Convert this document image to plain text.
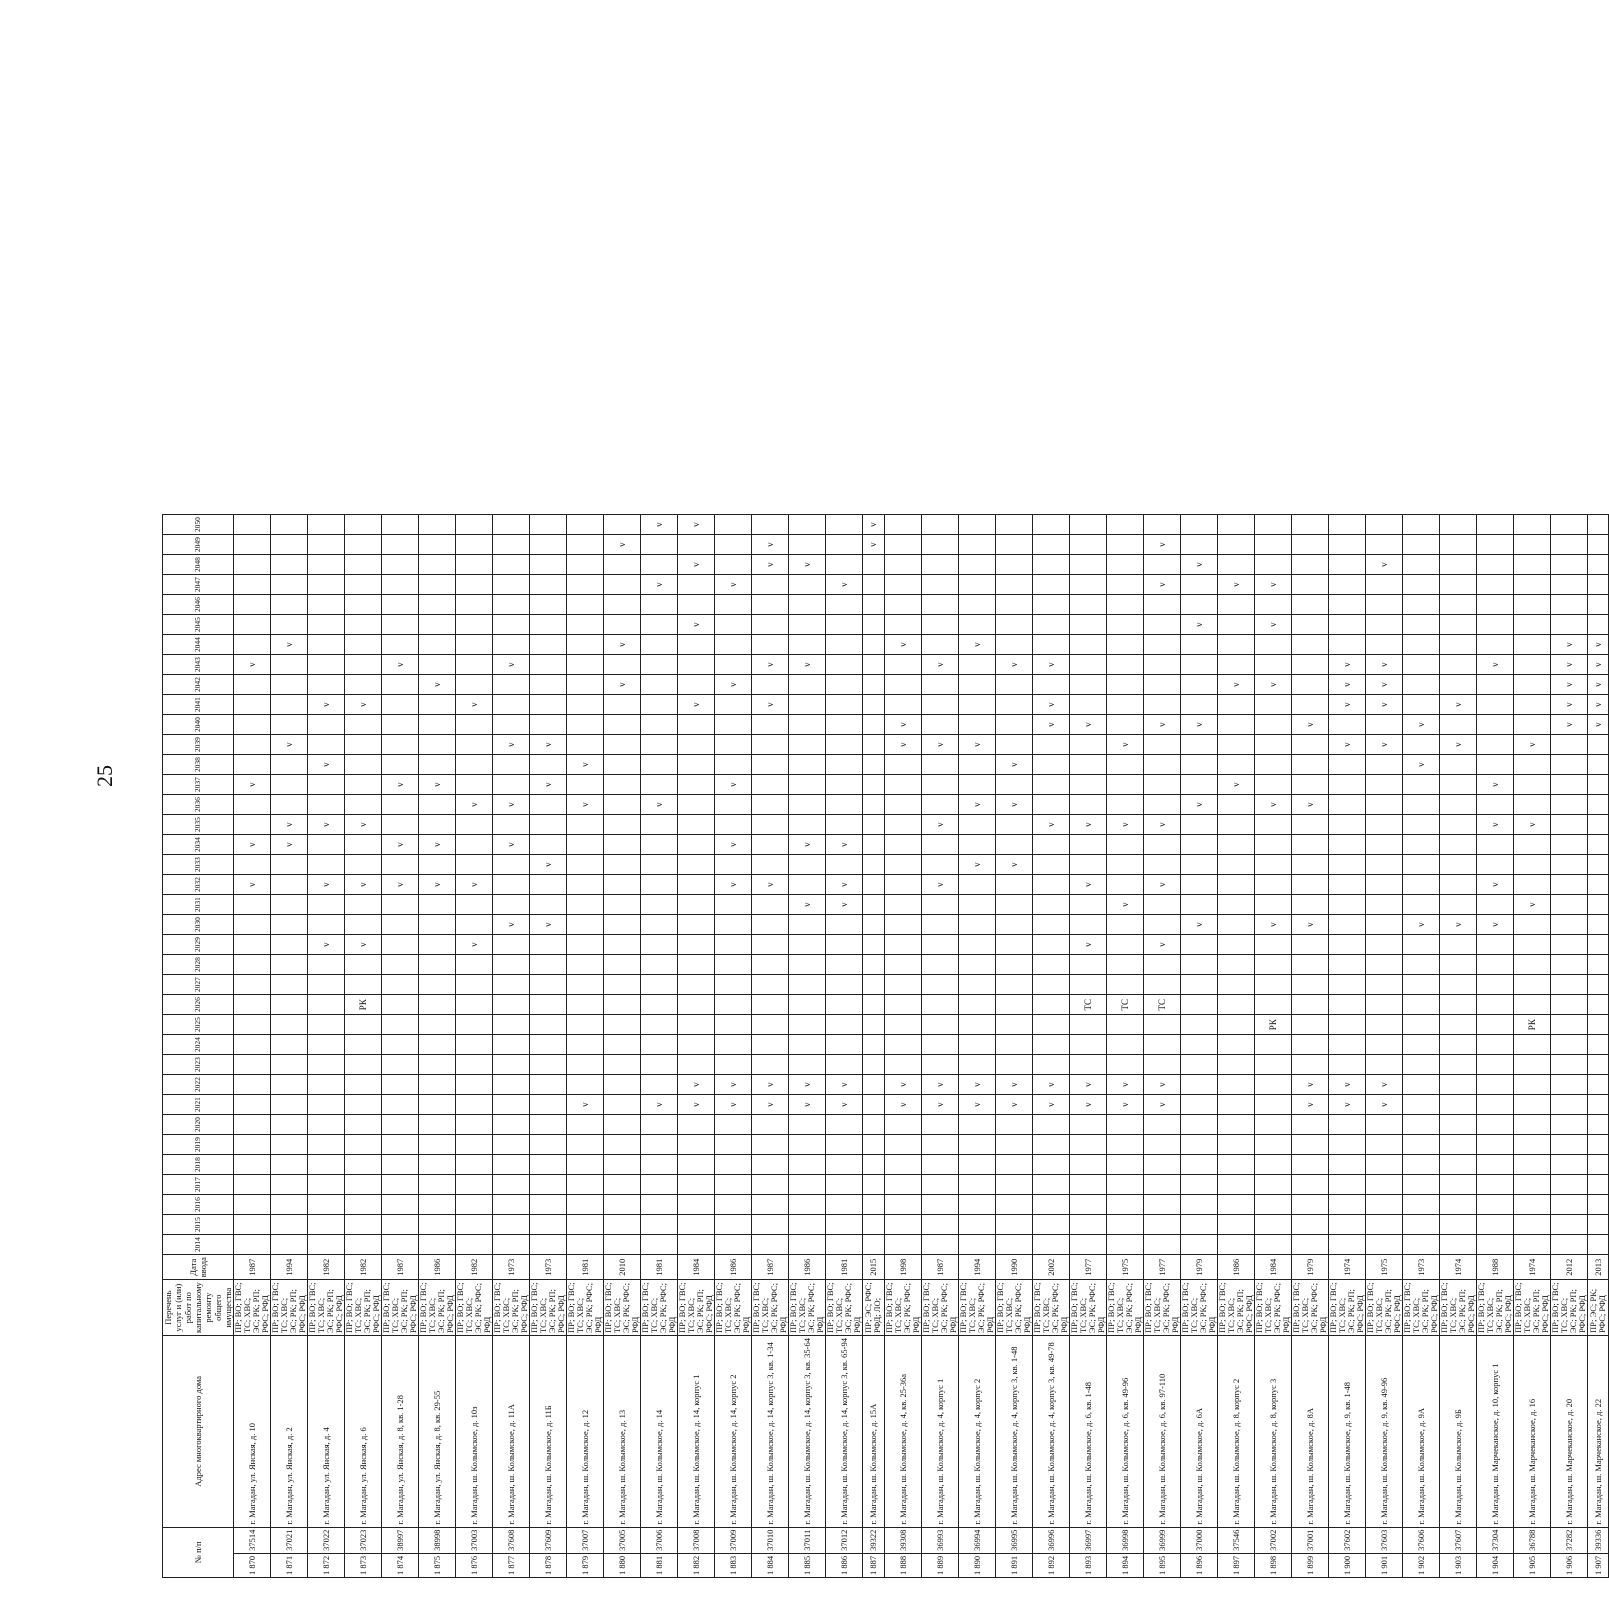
25
№ п/п		Адрес многоквартирного дома	Перечень услуг и (или) работ по капитальному ремонту общего имущества	Дата ввода	2014	2015	2016	2017	2018	2019	2020	2021	2022	2023	2024	2025	2026	2027	2028	2029	2030	2031	2032	2033	2034	2035	2036	2037	2038	2039	2040	2041	2042	2043	2044	2045	2046	2047	2048	2049	2050
1 870	37514	г. Магадан, ул. Янская, д. 10	ПР; ВО; ГВС; ТС; ХВС; ЭС; РК; РП; РФС; РФД	1987																			v		v			v						v							
1 871	37021	г. Магадан, ул. Янская, д. 2	ПР; ВО; ГВС; ТС; ХВС; ЭС; РК; РП; РФС; РФД	1994																					v	v				v					v						
1 872	37022	г. Магадан, ул. Янская, д. 4	ПР; ВО; ГВС; ТС; ХВС; ЭС; РК; РП; РФС; РФД	1982																v			v			v			v			v									
1 873	37023	г. Магадан, ул. Янская, д. 6	ПР; ВО; ГВС; ТС; ХВС; ЭС; РК; РП; РФС; РФД	1982													РК			v			v			v						v									
1 874	38997	г. Магадан, ул. Янская, д. 8, кв. 1-28	ПР; ВО; ГВС; ТС; ХВС; ЭС; РК; РП; РФС; РФД	1987																			v		v			v						v							
1 875	38998	г. Магадан, ул. Янская, д. 8, кв. 29-55	ПР; ВО; ГВС; ТС; ХВС; ЭС; РК; РП; РФС; РФД	1986																			v		v			v					v								
1 876	37003	г. Магадан, ш. Колымское, д. 10з	ПР; ВО; ГВС; ТС; ХВС; ЭС; РК; РФС; РФД	1982																v			v				v					v									
1 877	37608	г. Магадан, ш. Колымское, д. 11А	ПР; ВО; ГВС; ТС; ХВС; ЭС; РК; РП; РФС; РФД	1973																	v				v		v			v				v							
1 878	37609	г. Магадан, ш. Колымское, д. 11Б	ПР; ВО; ГВС; ТС; ХВС; ЭС; РК; РП; РФС; РФД	1973																	v			v				v		v											
1 879	37007	г. Магадан, ш. Колымское, д. 12	ПР; ВО; ГВС; ТС; ХВС; ЭС; РК; РФС; РФД	1981								v															v		v												
1 880	37005	г. Магадан, ш. Колымское, д. 13	ПР; ВО; ГВС; ТС; ХВС; ЭС; РК; РФС; РФД	2010																													v		v					v	
1 881	37006	г. Магадан, ш. Колымское, д. 14	ПР; ВО; ГВС; ТС; ХВС; ЭС; РК; РФС; РФД	1981								v															v											v			v
1 882	37008	г. Магадан, ш. Колымское, д. 14, корпус 1	ПР; ВО; ГВС; ТС; ХВС; ЭС; РК; РП; РФС; РФД	1984								v	v																			v				v			v		v
1 883	37009	г. Магадан, ш. Колымское, д. 14, корпус 2	ПР; ВО; ГВС; ТС; ХВС; ЭС; РК; РФС; РФД	1986								v	v										v		v			v					v					v			
1 884	37010	г. Магадан, ш. Колымское, д. 14, корпус 3, кв. 1-34	ПР; ВО; ГВС; ТС; ХВС; ЭС; РК; РФС; РФД	1987								v	v										v									v		v					v	v	
1 885	37011	г. Магадан, ш. Колымское, д. 14, корпус 3, кв. 35-64	ПР; ВО; ГВС; ТС; ХВС; ЭС; РК; РФС; РФД	1986								v	v									v			v									v					v		
1 886	37012	г. Магадан, ш. Колымское, д. 14, корпус 3, кв. 65-94	ПР; ВО; ГВС; ТС; ХВС; ЭС; РК; РФС; РФД	1981								v	v									v	v		v													v			
1 887	39322	г. Магадан, ш. Колымское, д. 15А	ПР; ЭС; РФС; РФД; ЛО;	2015																																				v	v
1 888	39308	г. Магадан, ш. Колымское, д. 4, кв. 25-36а	ПР; ВО; ГВС; ТС; ХВС; ЭС; РК; РФС; РФД	1998								v	v																	v	v				v						
1 889	36993	г. Магадан, ш. Колымское, д. 4, корпус 1	ПР; ВО; ГВС; ТС; ХВС; ЭС; РК; РФС; РФД	1987								v	v										v			v				v				v							
1 890	36994	г. Магадан, ш. Колымское, д. 4, корпус 2	ПР; ВО; ГВС; ТС; ХВС; ЭС; РК; РФС; РФД	1994								v	v											v			v			v					v						
1 891	36995	г. Магадан, ш. Колымское, д. 4, корпус 3, кв. 1-48	ПР; ВО; ГВС; ТС; ХВС; ЭС; РК; РФС; РФД	1990								v	v											v			v		v					v							
1 892	36996	г. Магадан, ш. Колымское, д. 4, корпус 3, кв. 49-78	ПР; ВО; ГВС; ТС; ХВС; ЭС; РК; РФС; РФД	2002								v	v													v					v	v		v							
1 893	36997	г. Магадан, ш. Колымское, д. 6, кв. 1-48	ПР; ВО; ГВС; ТС; ХВС; ЭС; РК; РФС; РФД	1977								v	v				ТС			v			v			v					v										
1 894	36998	г. Магадан, ш. Колымское, д. 6, кв. 49-96	ПР; ВО; ГВС; ТС; ХВС; ЭС; РК; РФС; РФД	1975								v	v				ТС					v				v				v											
1 895	36999	г. Магадан, ш. Колымское, д. 6, кв. 97-110	ПР; ВО; ГВС; ТС; ХВС; ЭС; РК; РФС; РФД	1977								v	v				ТС			v			v			v					v							v		v	
1 896	37000	г. Магадан, ш. Колымское, д. 6А	ПР; ВО; ГВС; ТС; ХВС; ЭС; РК; РФС; РФД	1979																	v						v				v					v			v		
1 897	37546	г. Магадан, ш. Колымское, д. 8, корпус 2	ПР; ВО; ГВС; ТС; ХВС; ЭС; РК; РП; РФС; РФД	1986																								v					v					v			
1 898	37002	г. Магадан, ш. Колымское, д. 8, корпус 3	ПР; ВО; ГВС; ТС; ХВС; ЭС; РК; РФС; РФД	1984												РК					v						v						v			v		v			
1 899	37001	г. Магадан, ш. Колымское, д. 8А	ПР; ВО; ГВС; ТС; ХВС; ЭС; РК; РФС; РФД	1979								v	v								v						v				v										
1 900	37602	г. Магадан, ш. Колымское, д. 9, кв. 1-48	ПР; ВО; ГВС; ТС; ХВС; ЭС; РК; РП; РФС; РФД	1974								v	v																	v		v	v	v							
1 901	37603	г. Магадан, ш. Колымское, д. 9, кв. 49-96	ПР; ВО; ГВС; ТС; ХВС; ЭС; РК; РП; РФС; РФД	1975								v	v																	v		v	v	v					v		
1 902	37606	г. Магадан, ш. Колымское, д. 9А	ПР; ВО; ГВС; ТС; ХВС; ЭС; РК; РП; РФС; РФД	1973																	v								v		v										
1 903	37607	г. Магадан, ш. Колымское, д. 9Б	ПР; ВО; ГВС; ТС; ХВС; ЭС; РК; РП; РФС; РФД	1974																	v									v		v									
1 904	37304	г. Магадан, ш. Марчеканское, д. 10, корпус 1	ПР; ВО; ГВС; ТС; ХВС; ЭС; РК; РП; РФС; РФД	1988																	v		v			v		v						v							
1 905	36788	г. Магадан, ш. Марчеканское, д. 16	ПР; ВО; ГВС; ТС; ХВС; ЭС; РК; РП; РФС; РФД	1974												РК						v				v				v											
1 906	37282	г. Магадан, ш. Марчеканское, д. 20	ПР; ВО; ГВС; ТС; ХВС; ЭС; РК; РП; РФС; РФД	2012																											v	v	v	v	v						
1 907	39336	г. Магадан, ш. Марчеканское, д. 22	ПР; ЭС; РК; РФС; РФД	2013																											v	v	v	v	v						
